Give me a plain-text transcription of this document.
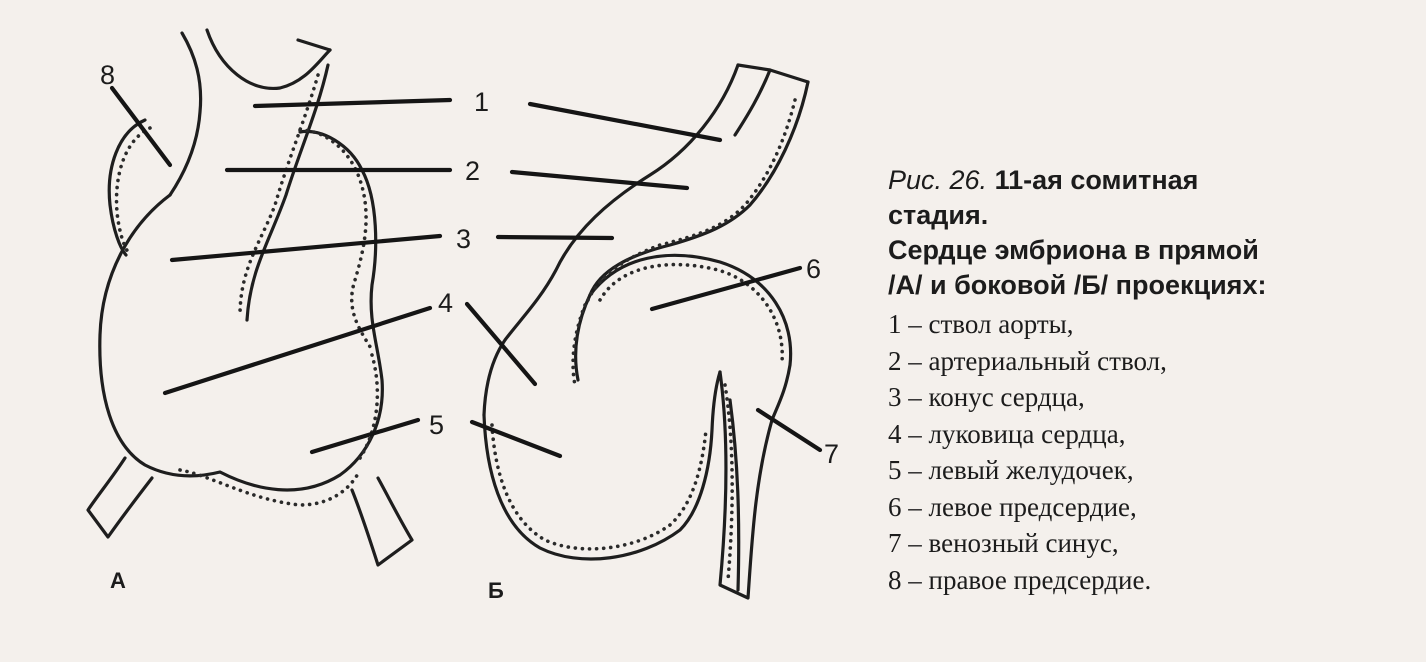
1
2
3
4
5
6
7
8
А	Б
Рис. 26. 11-ая сомитная
стадия.
Сердце эмбриона в прямой
/А/ и боковой /Б/ проекциях:
1 – ствол аорты,
2 – артериальный ствол,
3 – конус сердца,
4 – луковица сердца,
5 – левый желудочек,
6 – левое предсердие,
7 – венозный синус,
8 – правое предсердие.
